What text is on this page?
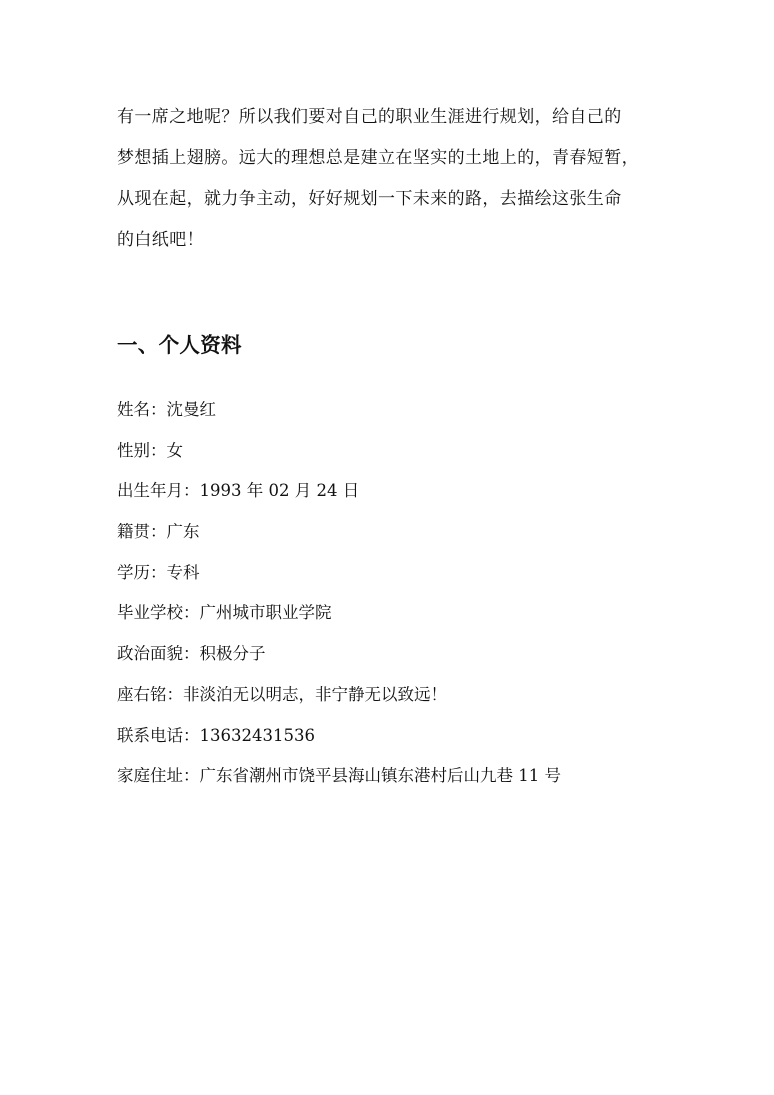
有一席之地呢？所以我们要对自己的职业生涯进行规划，给自己的
梦想插上翅膀。远大的理想总是建立在坚实的土地上的，青春短暂，
从现在起，就力争主动，好好规划一下未来的路，去描绘这张生命
的白纸吧！
一、个人资料
姓名：沈曼红
性别：女
出生年月：1993 年 02 月 24 日
籍贯：广东
学历：专科
毕业学校：广州城市职业学院
政治面貌：积极分子
座右铭：非淡泊无以明志，非宁静无以致远！
联系电话：13632431536
家庭住址：广东省潮州市饶平县海山镇东港村后山九巷 11 号
